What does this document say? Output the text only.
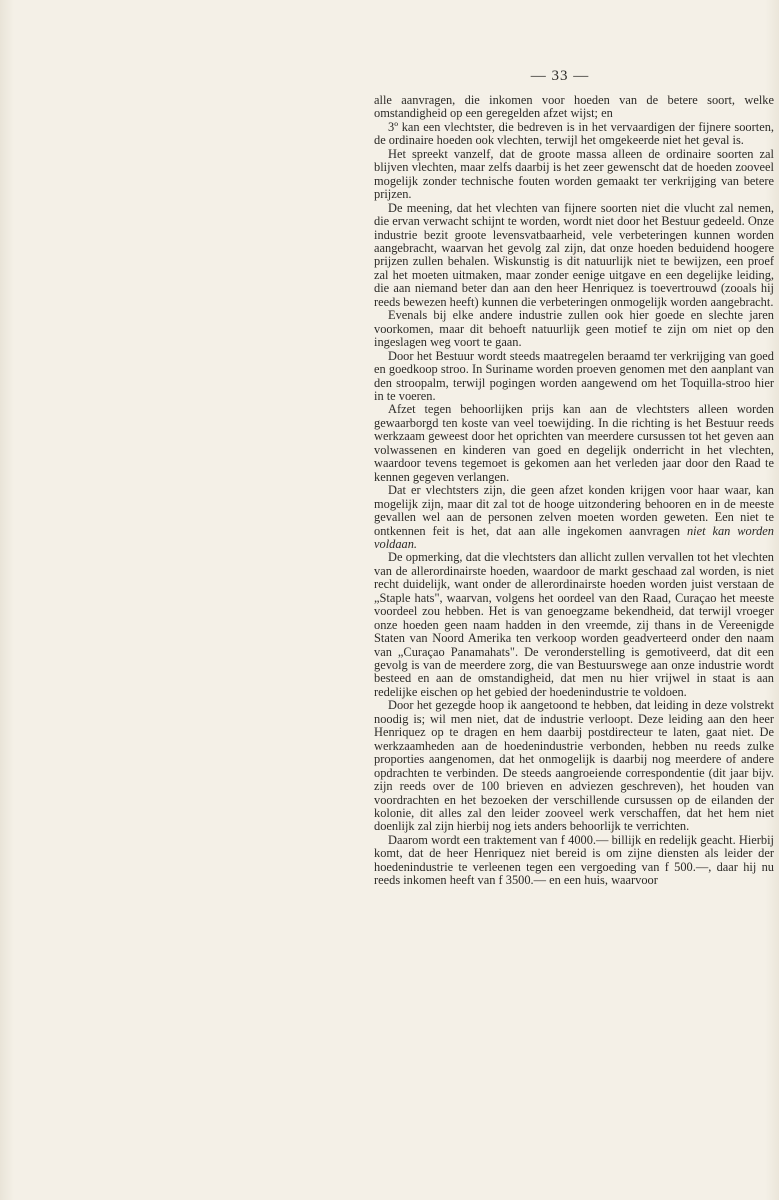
— 33 —

alle aanvragen, die inkomen voor hoeden van de betere soort, welke omstandigheid op een geregelden afzet wijst; en

3º kan een vlechtster, die bedreven is in het vervaardigen der fijnere soorten, de ordinaire hoeden ook vlechten, terwijl het omgekeerde niet het geval is.

Het spreekt vanzelf, dat de groote massa alleen de ordinaire soorten zal blijven vlechten, maar zelfs daarbij is het zeer gewenscht dat de hoeden zooveel mogelijk zonder technische fouten worden gemaakt ter verkrijging van betere prijzen.

De meening, dat het vlechten van fijnere soorten niet die vlucht zal nemen, die ervan verwacht schijnt te worden, wordt niet door het Bestuur gedeeld. Onze industrie bezit groote levensvatbaarheid, vele verbeteringen kunnen worden aangebracht, waarvan het gevolg zal zijn, dat onze hoeden beduidend hoogere prijzen zullen behalen. Wiskunstig is dit natuurlijk niet te bewijzen, een proef zal het moeten uitmaken, maar zonder eenige uitgave en een degelijke leiding, die aan niemand beter dan aan den heer Henriquez is toevertrouwd (zooals hij reeds bewezen heeft) kunnen die verbeteringen onmogelijk worden aangebracht.

Evenals bij elke andere industrie zullen ook hier goede en slechte jaren voorkomen, maar dit behoeft natuurlijk geen motief te zijn om niet op den ingeslagen weg voort te gaan.

Door het Bestuur wordt steeds maatregelen beraamd ter verkrijging van goed en goedkoop stroo. In Suriname worden proeven genomen met den aanplant van den stroopalm, terwijl pogingen worden aangewend om het Toquilla-stroo hier in te voeren.

Afzet tegen behoorlijken prijs kan aan de vlechtsters alleen worden gewaarborgd ten koste van veel toewijding. In die richting is het Bestuur reeds werkzaam geweest door het oprichten van meerdere cursussen tot het geven aan volwassenen en kinderen van goed en degelijk onderricht in het vlechten, waardoor tevens tegemoet is gekomen aan het verleden jaar door den Raad te kennen gegeven verlangen.

Dat er vlechtsters zijn, die geen afzet konden krijgen voor haar waar, kan mogelijk zijn, maar dit zal tot de hooge uitzondering behooren en in de meeste gevallen wel aan de personen zelven moeten worden geweten. Een niet te ontkennen feit is het, dat aan alle ingekomen aanvragen niet kan worden voldaan.

De opmerking, dat die vlechtsters dan allicht zullen vervallen tot het vlechten van de allerordinairste hoeden, waardoor de markt geschaad zal worden, is niet recht duidelijk, want onder de allerordinairste hoeden worden juist verstaan de „Staple hats", waarvan, volgens het oordeel van den Raad, Curaçao het meeste voordeel zou hebben. Het is van genoegzame bekendheid, dat terwijl vroeger onze hoeden geen naam hadden in den vreemde, zij thans in de Vereenigde Staten van Noord Amerika ten verkoop worden geadverteerd onder den naam van „Curaçao Panamahats". De veronderstelling is gemotiveerd, dat dit een gevolg is van de meerdere zorg, die van Bestuurswege aan onze industrie wordt besteed en aan de omstandigheid, dat men nu hier vrijwel in staat is aan redelijke eischen op het gebied der hoedenindustrie te voldoen.

Door het gezegde hoop ik aangetoond te hebben, dat leiding in deze volstrekt noodig is; wil men niet, dat de industrie verloopt. Deze leiding aan den heer Henriquez op te dragen en hem daarbij postdirecteur te laten, gaat niet. De werkzaamheden aan de hoedenindustrie verbonden, hebben nu reeds zulke proporties aangenomen, dat het onmogelijk is daarbij nog meerdere of andere opdrachten te verbinden. De steeds aangroeiende correspondentie (dit jaar bijv. zijn reeds over de 100 brieven en adviezen geschreven), het houden van voordrachten en het bezoeken der verschillende cursussen op de eilanden der kolonie, dit alles zal den leider zooveel werk verschaffen, dat het hem niet doenlijk zal zijn hierbij nog iets anders behoorlijk te verrichten.

Daarom wordt een traktement van f 4000.— billijk en redelijk geacht. Hierbij komt, dat de heer Henriquez niet bereid is om zijne diensten als leider der hoedenindustrie te verleenen tegen een vergoeding van f 500.—, daar hij nu reeds inkomen heeft van f 3500.— en een huis, waarvoor
